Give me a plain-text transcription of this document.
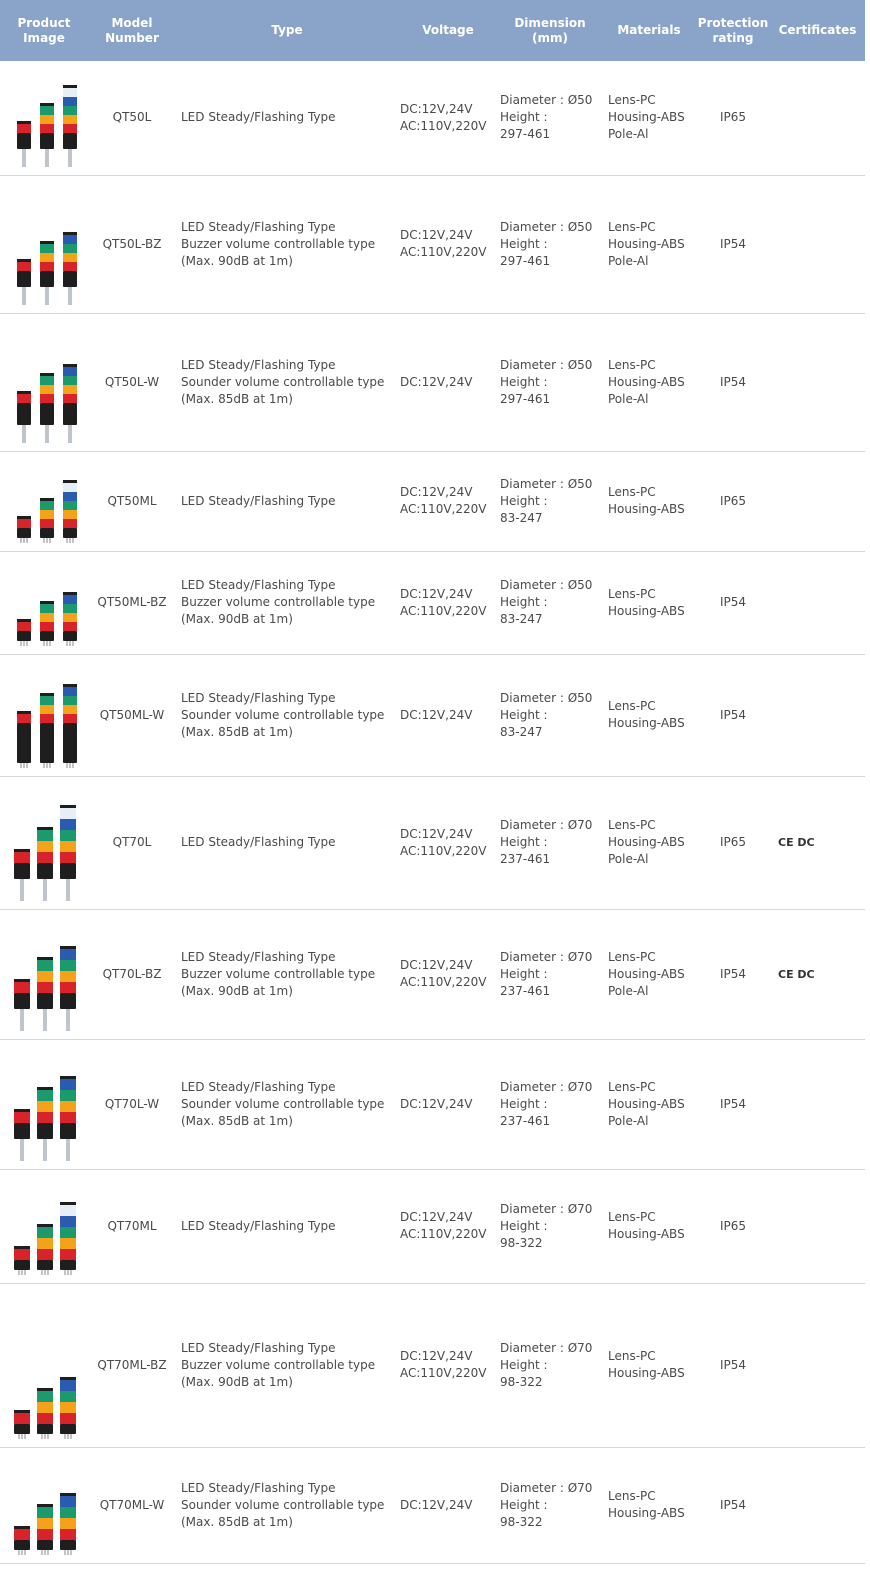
Product Image	Model Number	Type	Voltage	Dimension (mm)	Materials	Protection rating	Certificates

	QT50L	LED Steady/Flashing Type	DC:12V,24V
AC:110V,220V	Diameter : Ø50
Height :
297-461	Lens-PC
Housing-ABS
Pole-Al	IP65	

	QT50L-BZ	LED Steady/Flashing Type
Buzzer volume controllable type
(Max. 90dB at 1m)	DC:12V,24V
AC:110V,220V	Diameter : Ø50
Height :
297-461	Lens-PC
Housing-ABS
Pole-Al	IP54	

	QT50L-W	LED Steady/Flashing Type
Sounder volume controllable type
(Max. 85dB at 1m)	DC:12V,24V	Diameter : Ø50
Height :
297-461	Lens-PC
Housing-ABS
Pole-Al	IP54	

	QT50ML	LED Steady/Flashing Type	DC:12V,24V
AC:110V,220V	Diameter : Ø50
Height :
83-247	Lens-PC
Housing-ABS	IP65	

	QT50ML-BZ	LED Steady/Flashing Type
Buzzer volume controllable type
(Max. 90dB at 1m)	DC:12V,24V
AC:110V,220V	Diameter : Ø50
Height :
83-247	Lens-PC
Housing-ABS	IP54	

	QT50ML-W	LED Steady/Flashing Type
Sounder volume controllable type
(Max. 85dB at 1m)	DC:12V,24V	Diameter : Ø50
Height :
83-247	Lens-PC
Housing-ABS	IP54	

	QT70L	LED Steady/Flashing Type	DC:12V,24V
AC:110V,220V	Diameter : Ø70
Height :
237-461	Lens-PC
Housing-ABS
Pole-Al	IP65	CE DC

	QT70L-BZ	LED Steady/Flashing Type
Buzzer volume controllable type
(Max. 90dB at 1m)	DC:12V,24V
AC:110V,220V	Diameter : Ø70
Height :
237-461	Lens-PC
Housing-ABS
Pole-Al	IP54	CE DC

	QT70L-W	LED Steady/Flashing Type
Sounder volume controllable type
(Max. 85dB at 1m)	DC:12V,24V	Diameter : Ø70
Height :
237-461	Lens-PC
Housing-ABS
Pole-Al	IP54	

	QT70ML	LED Steady/Flashing Type	DC:12V,24V
AC:110V,220V	Diameter : Ø70
Height :
98-322	Lens-PC
Housing-ABS	IP65	

	QT70ML-BZ	LED Steady/Flashing Type
Buzzer volume controllable type
(Max. 90dB at 1m)	DC:12V,24V
AC:110V,220V	Diameter : Ø70
Height :
98-322	Lens-PC
Housing-ABS	IP54	

	QT70ML-W	LED Steady/Flashing Type
Sounder volume controllable type
(Max. 85dB at 1m)	DC:12V,24V	Diameter : Ø70
Height :
98-322	Lens-PC
Housing-ABS	IP54	
